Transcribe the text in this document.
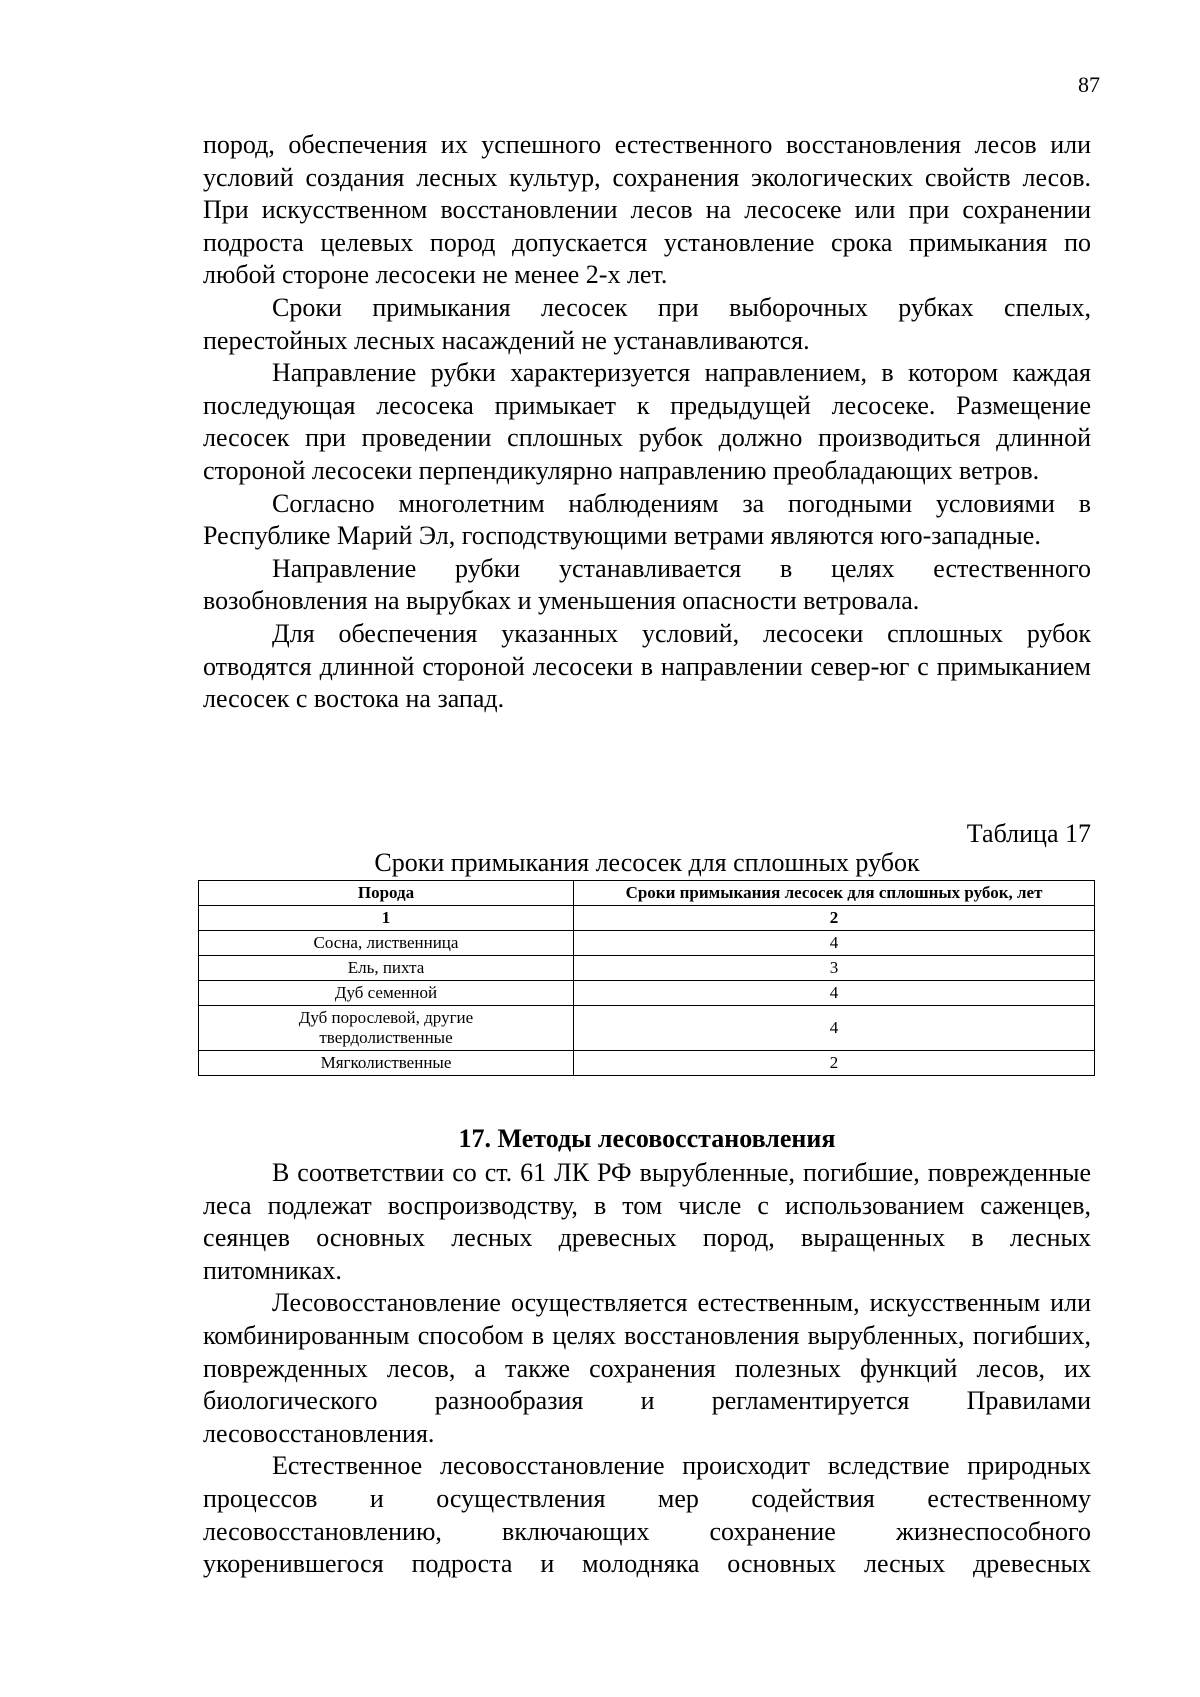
87

пород, обеспечения их успешного естественного восстановления лесов или условий создания лесных культур, сохранения экологических свойств лесов. При искусственном восстановлении лесов на лесосеке или при сохранении подроста целевых пород допускается установление срока примыкания по любой стороне лесосеки не менее 2-х лет.

Сроки примыкания лесосек при выборочных рубках спелых, перестойных лесных насаждений не устанавливаются.

Направление рубки характеризуется направлением, в котором каждая последующая лесосека примыкает к предыдущей лесосеке. Размещение лесосек при проведении сплошных рубок должно производиться длинной стороной лесосеки перпендикулярно направлению преобладающих ветров.

Согласно многолетним наблюдениям за погодными условиями в Республике Марий Эл, господствующими ветрами являются юго-западные.

Направление рубки устанавливается в целях естественного возобновления на вырубках и уменьшения опасности ветровала.

Для обеспечения указанных условий, лесосеки сплошных рубок отводятся длинной стороной лесосеки в направлении север-юг с примыканием лесосек с востока на запад.

Таблица 17
Сроки примыкания лесосек для сплошных рубок
Порода	Сроки примыкания лесосек для сплошных рубок, лет
1	2
Сосна, лиственница	4
Ель, пихта	3
Дуб семенной	4
Дуб порослевой, другие твердолиственные	4
Мягколиственные	2
17. Методы лесовосстановления

В соответствии со ст. 61 ЛК РФ вырубленные, погибшие, поврежденные леса подлежат воспроизводству, в том числе с использованием саженцев, сеянцев основных лесных древесных пород, выращенных в лесных питомниках.

Лесовосстановление осуществляется естественным, искусственным или комбинированным способом в целях восстановления вырубленных, погибших, поврежденных лесов, а также сохранения полезных функций лесов, их биологического разнообразия и регламентируется Правилами лесовосстановления.

Естественное лесовосстановление происходит вследствие природных процессов и осуществления мер содействия естественному лесовосстановлению, включающих сохранение жизнеспособного укоренившегося подроста и молодняка основных лесных древесных
